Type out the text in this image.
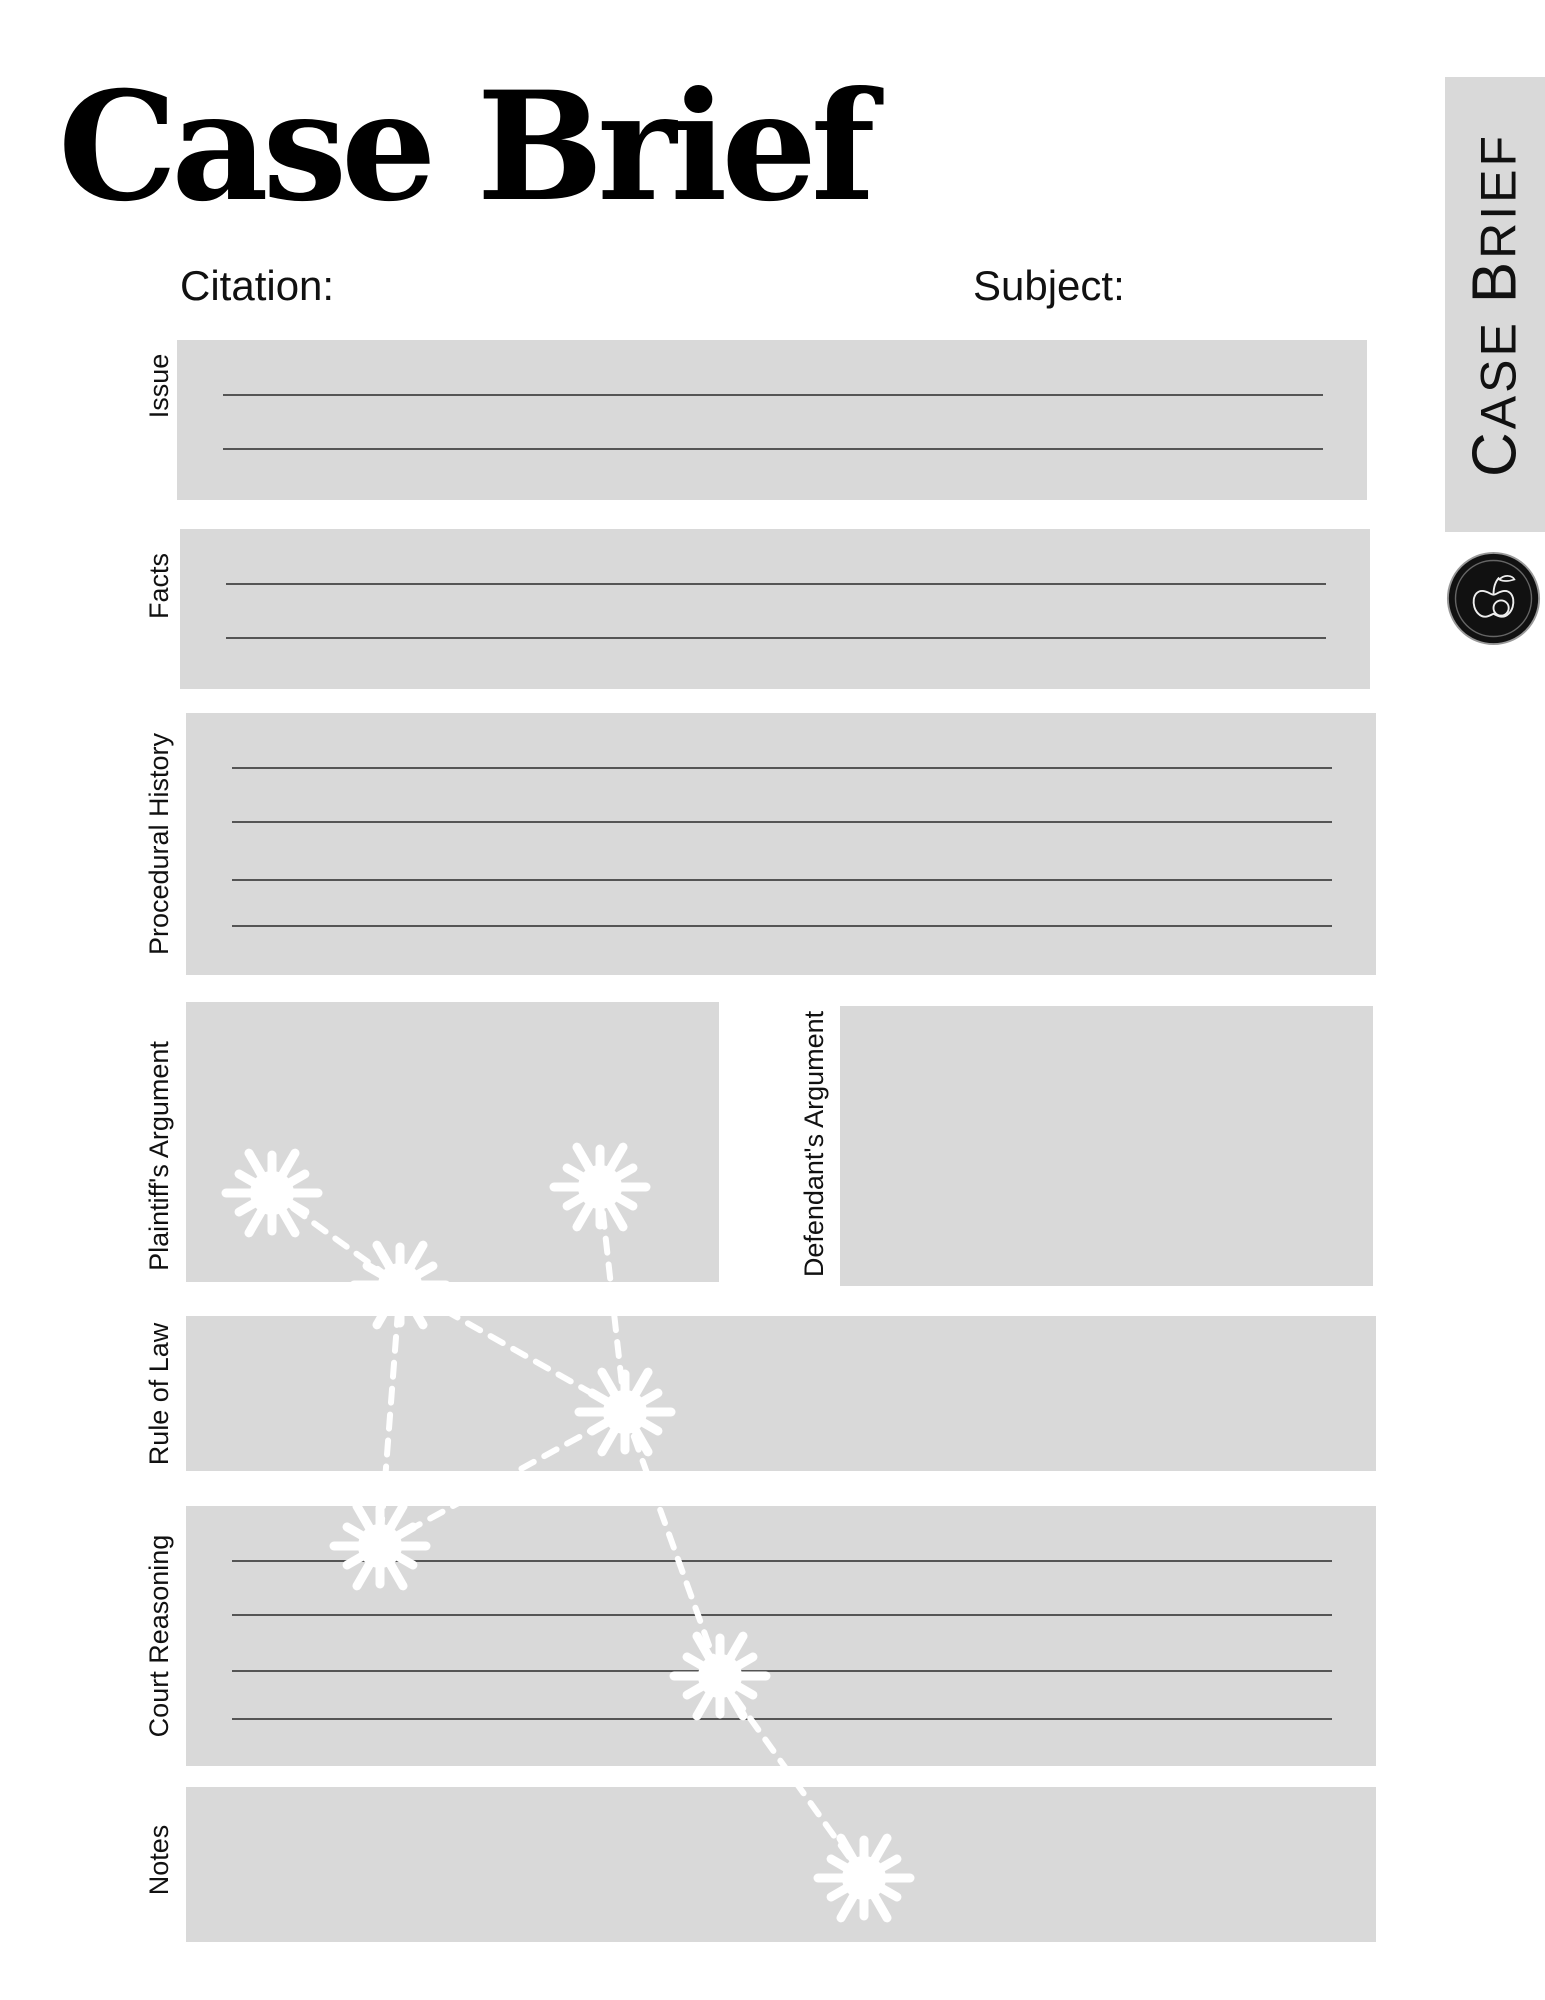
Case Brief
Citation:	Subject:
Issue
Facts
Procedural History
Plaintiff's Argument	Defendant's Argument
Rule of Law
Court Reasoning
Notes
CASE BRIEF
